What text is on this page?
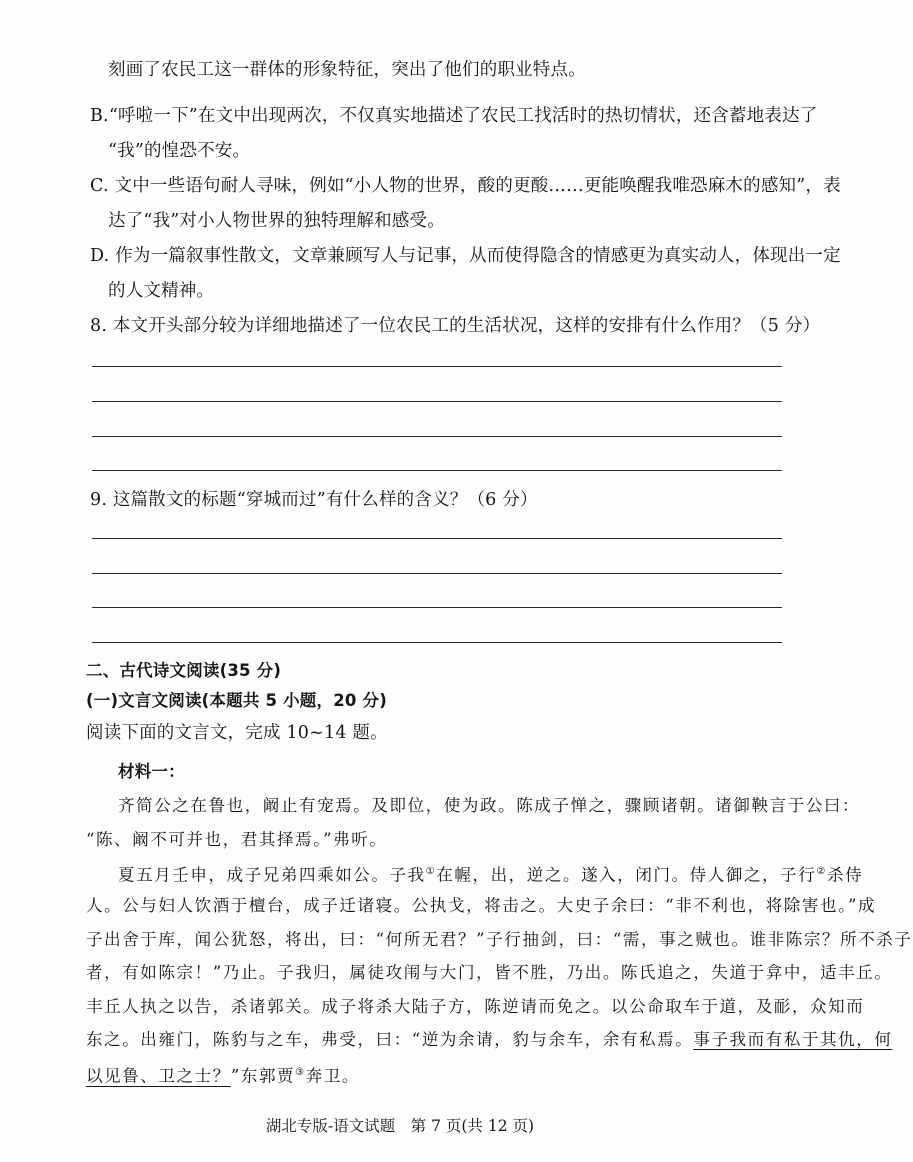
刻画了农民工这一群体的形象特征，突出了他们的职业特点。
B.“呼啦一下”在文中出现两次，不仅真实地描述了农民工找活时的热切情状，还含蓄地表达了
“我”的惶恐不安。
C. 文中一些语句耐人寻味，例如“小人物的世界，酸的更酸……更能唤醒我唯恐麻木的感知”，表
达了“我”对小人物世界的独特理解和感受。
D. 作为一篇叙事性散文，文章兼顾写人与记事，从而使得隐含的情感更为真实动人，体现出一定
的人文精神。
8. 本文开头部分较为详细地描述了一位农民工的生活状况，这样的安排有什么作用？（5 分）
9. 这篇散文的标题“穿城而过”有什么样的含义？（6 分）
二、古代诗文阅读(35 分)
(一)文言文阅读(本题共 5 小题，20 分)
阅读下面的文言文，完成 10~14 题。
材料一：
齐简公之在鲁也，阚止有宠焉。及即位，使为政。陈成子惮之，骤顾诸朝。诸御鞅言于公曰：
“陈、阚不可并也，君其择焉。”弗听。
夏五月壬申，成子兄弟四乘如公。子我①在幄，出，逆之。遂入，闭门。侍人御之，子行②杀侍
人。公与妇人饮酒于檀台，成子迁诸寝。公执戈，将击之。大史子余曰：“非不利也，将除害也。”成
子出舍于库，闻公犹怒，将出，曰：“何所无君？”子行抽剑，曰：“需，事之贼也。谁非陈宗？所不杀子
者，有如陈宗！”乃止。子我归，属徒攻闱与大门，皆不胜，乃出。陈氏追之，失道于弇中，适丰丘。
丰丘人执之以告，杀诸郭关。成子将杀大陆子方，陈逆请而免之。以公命取车于道，及耏，众知而
东之。出雍门，陈豹与之车，弗受，曰：“逆为余请，豹与余车，余有私焉。事子我而有私于其仇，何
以见鲁、卫之士？”东郭贾③奔卫。
湖北专版-语文试题　第 7 页(共 12 页)
